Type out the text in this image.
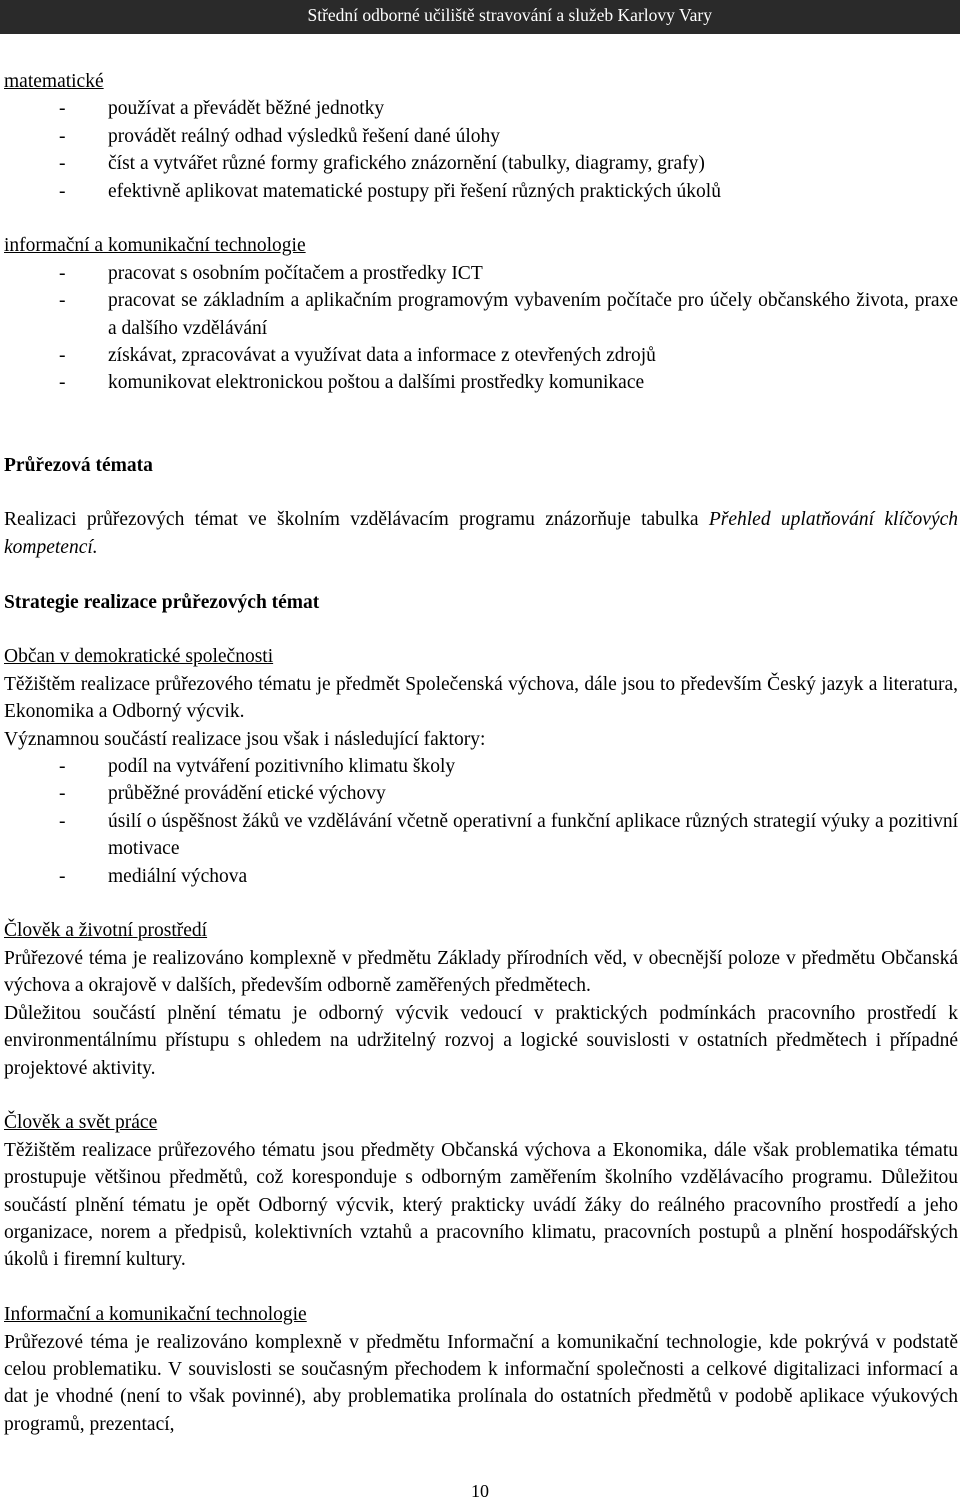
Střední odborné učiliště stravování a služeb Karlovy Vary
matematické
- používat a převádět běžné jednotky
- provádět reálný odhad výsledků řešení dané úlohy
- číst a vytvářet různé formy grafického znázornění (tabulky, diagramy, grafy)
- efektivně aplikovat matematické postupy při řešení různých praktických úkolů
informační a komunikační technologie
- pracovat s osobním počítačem a prostředky ICT
- pracovat se základním a aplikačním programovým vybavením počítače pro účely občanského života, praxe a dalšího vzdělávání
- získávat, zpracovávat a využívat data a informace z otevřených zdrojů
- komunikovat elektronickou poštou a dalšími prostředky komunikace
Průřezová témata

Realizaci průřezových témat ve školním vzdělávacím programu znázorňuje tabulka Přehled uplatňování klíčových kompetencí.

Strategie realizace průřezových témat
Občan v demokratické společnosti

Těžištěm realizace průřezového tématu je předmět Společenská výchova, dále jsou to především Český jazyk a literatura, Ekonomika a Odborný výcvik.

Významnou součástí realizace jsou však i následující faktory:

- podíl na vytváření pozitivního klimatu školy
- průběžné provádění etické výchovy
- úsilí o úspěšnost žáků ve vzdělávání včetně operativní a funkční aplikace různých strategií výuky a pozitivní motivace
- mediální výchova
Člověk a životní prostředí

Průřezové téma je realizováno komplexně v předmětu Základy přírodních věd, v obecnější poloze v předmětu Občanská výchova a okrajově v dalších, především odborně zaměřených předmětech.

Důležitou součástí plnění tématu je odborný výcvik vedoucí v praktických podmínkách pracovního prostředí k environmentálnímu přístupu s ohledem na udržitelný rozvoj a logické souvislosti v ostatních předmětech i případné projektové aktivity.

Člověk a svět práce

Těžištěm realizace průřezového tématu jsou předměty Občanská výchova a Ekonomika, dále však problematika tématu prostupuje většinou předmětů, což koresponduje s odborným zaměřením školního vzdělávacího programu. Důležitou součástí plnění tématu je opět Odborný výcvik, který prakticky uvádí žáky do reálného pracovního prostředí a jeho organizace, norem a předpisů, kolektivních vztahů a pracovního klimatu, pracovních postupů a plnění hospodářských úkolů i firemní kultury.

Informační a komunikační technologie

Průřezové téma je realizováno komplexně v předmětu Informační a komunikační technologie, kde pokrývá v podstatě celou problematiku. V souvislosti se současným přechodem k informační společnosti a celkové digitalizaci informací a dat je vhodné (není to však povinné), aby problematika prolínala do ostatních předmětů v podobě aplikace výukových programů, prezentací,

10
